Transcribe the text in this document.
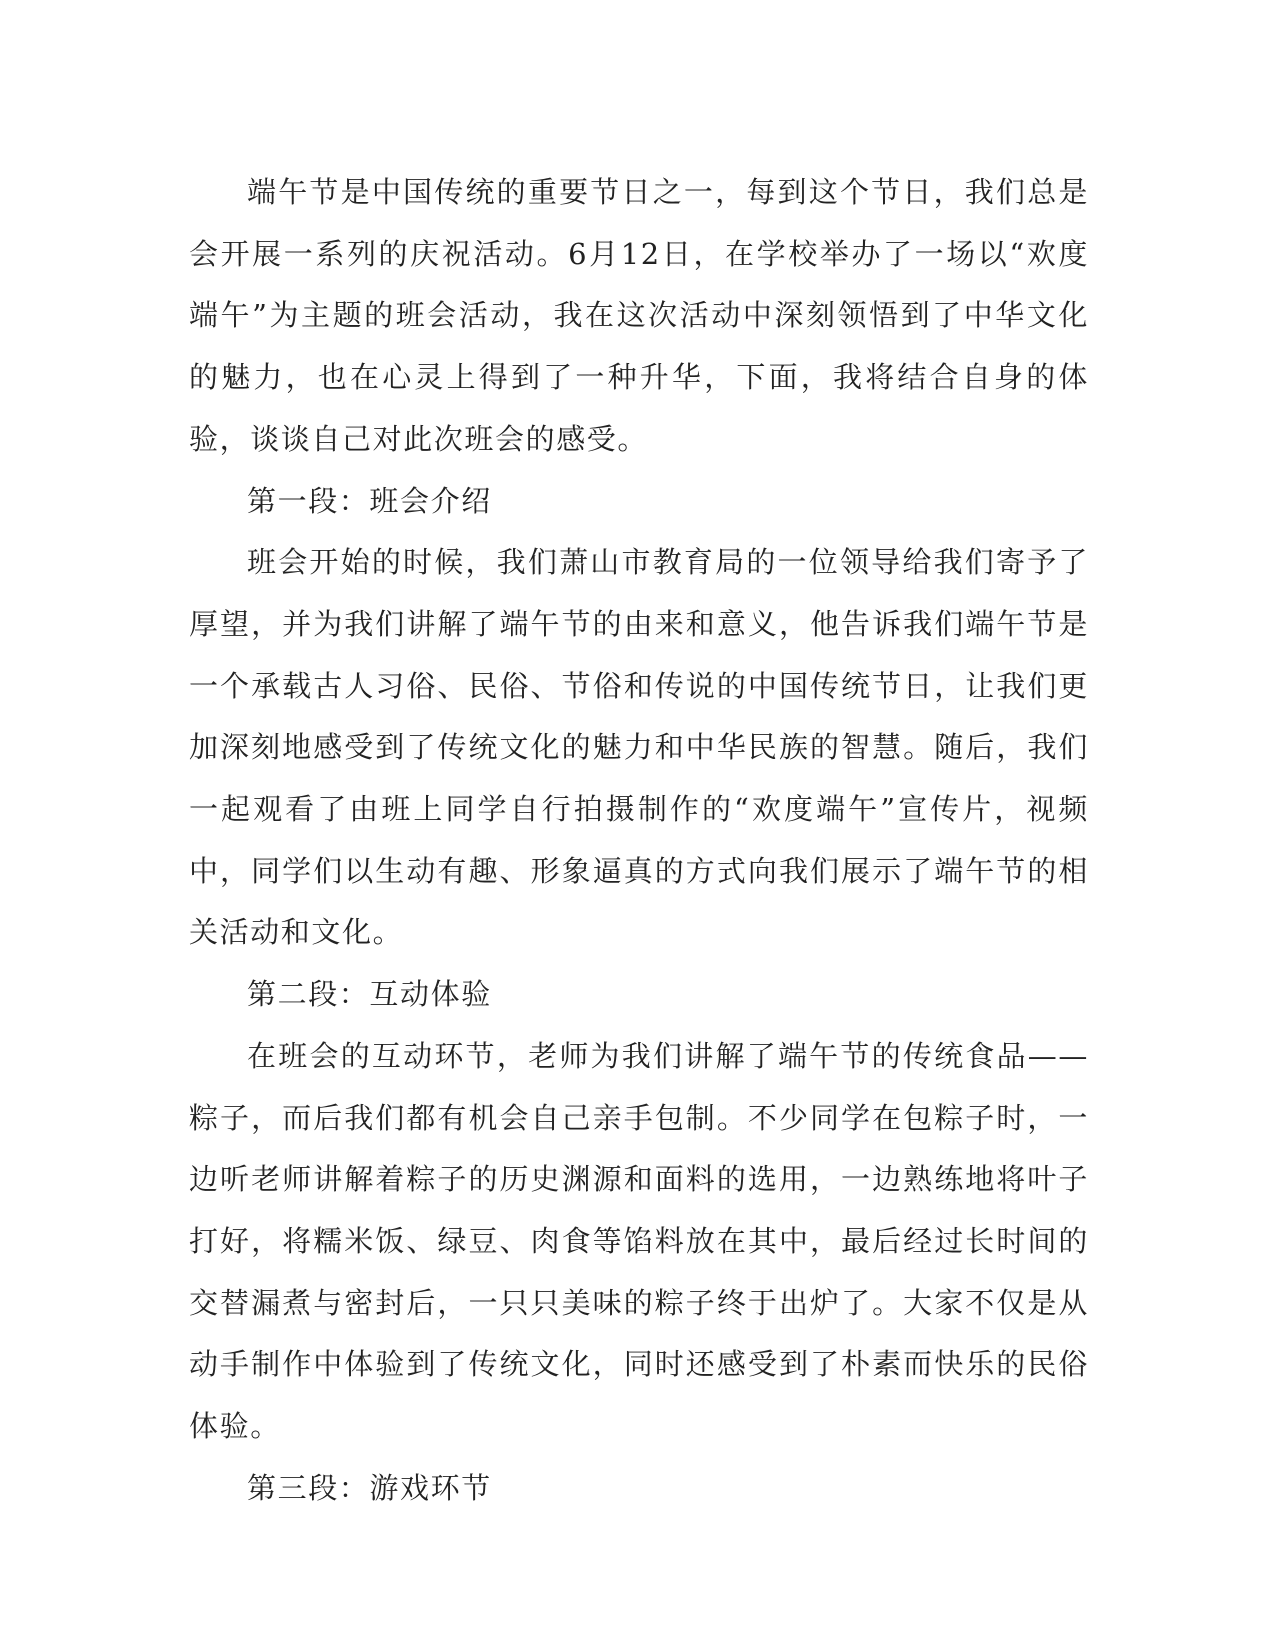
端午节是中国传统的重要节日之一，每到这个节日，我们总是会开展一系列的庆祝活动。6月12日，在学校举办了一场以“欢度端午”为主题的班会活动，我在这次活动中深刻领悟到了中华文化的魅力，也在心灵上得到了一种升华，下面，我将结合自身的体验，谈谈自己对此次班会的感受。

第一段：班会介绍

班会开始的时候，我们萧山市教育局的一位领导给我们寄予了厚望，并为我们讲解了端午节的由来和意义，他告诉我们端午节是一个承载古人习俗、民俗、节俗和传说的中国传统节日，让我们更加深刻地感受到了传统文化的魅力和中华民族的智慧。随后，我们一起观看了由班上同学自行拍摄制作的“欢度端午”宣传片，视频中，同学们以生动有趣、形象逼真的方式向我们展示了端午节的相关活动和文化。

第二段：互动体验

在班会的互动环节，老师为我们讲解了端午节的传统食品——粽子，而后我们都有机会自己亲手包制。不少同学在包粽子时，一边听老师讲解着粽子的历史渊源和面料的选用，一边熟练地将叶子打好，将糯米饭、绿豆、肉食等馅料放在其中，最后经过长时间的交替漏煮与密封后，一只只美味的粽子终于出炉了。大家不仅是从动手制作中体验到了传统文化，同时还感受到了朴素而快乐的民俗体验。

第三段：游戏环节
